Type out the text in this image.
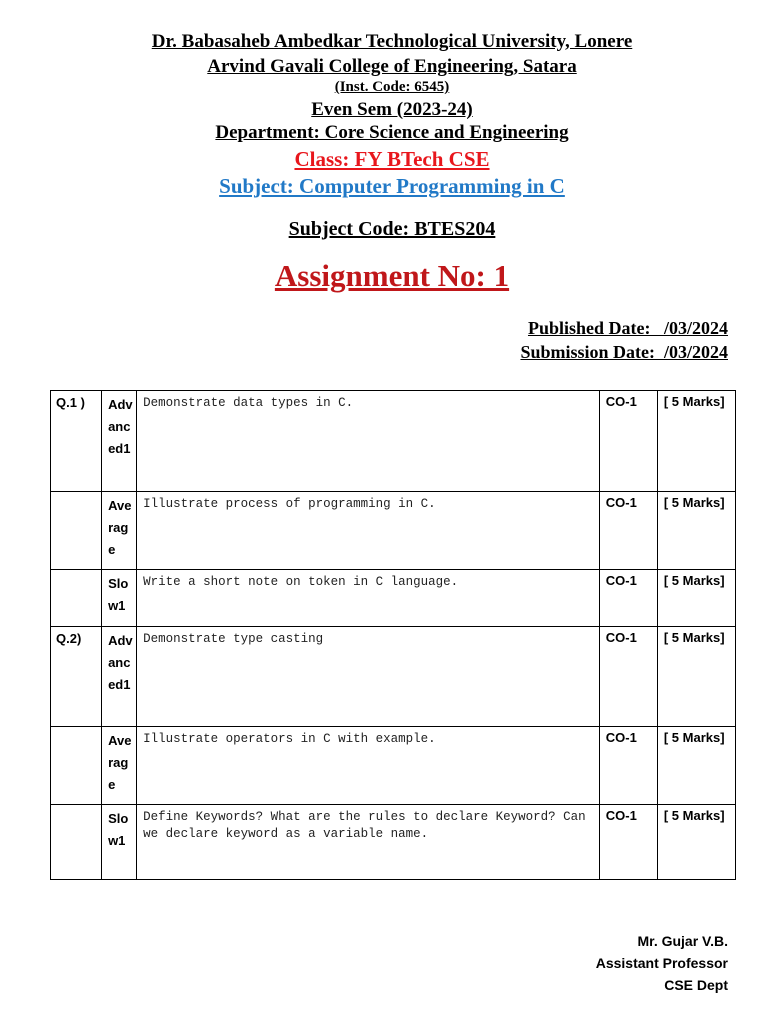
Dr. Babasaheb Ambedkar Technological University, Lonere
Arvind Gavali College of Engineering, Satara
(Inst. Code: 6545)
Even Sem (2023-24)
Department: Core Science and Engineering
Class: FY BTech CSE
Subject: Computer Programming in C
Subject Code: BTES204
Assignment No: 1
Published Date:   /03/2024
Submission Date:  /03/2024
Q.1 )	Advanced1	Demonstrate data types in C.	CO-1	[ 5 Marks]

	Average	Illustrate process of programming in C.	CO-1	[ 5 Marks]

	Slow1	Write a short note on token in C language.	CO-1	[ 5 Marks]

Q.2)	Advanced1	Demonstrate type casting	CO-1	[ 5 Marks]

	Average	Illustrate operators in C with example.	CO-1	[ 5 Marks]

	Slow1	Define Keywords? What are the rules to declare Keyword? Can we declare keyword as a variable name.	CO-1	[ 5 Marks]
Mr. Gujar V.B.
Assistant Professor
CSE Dept
